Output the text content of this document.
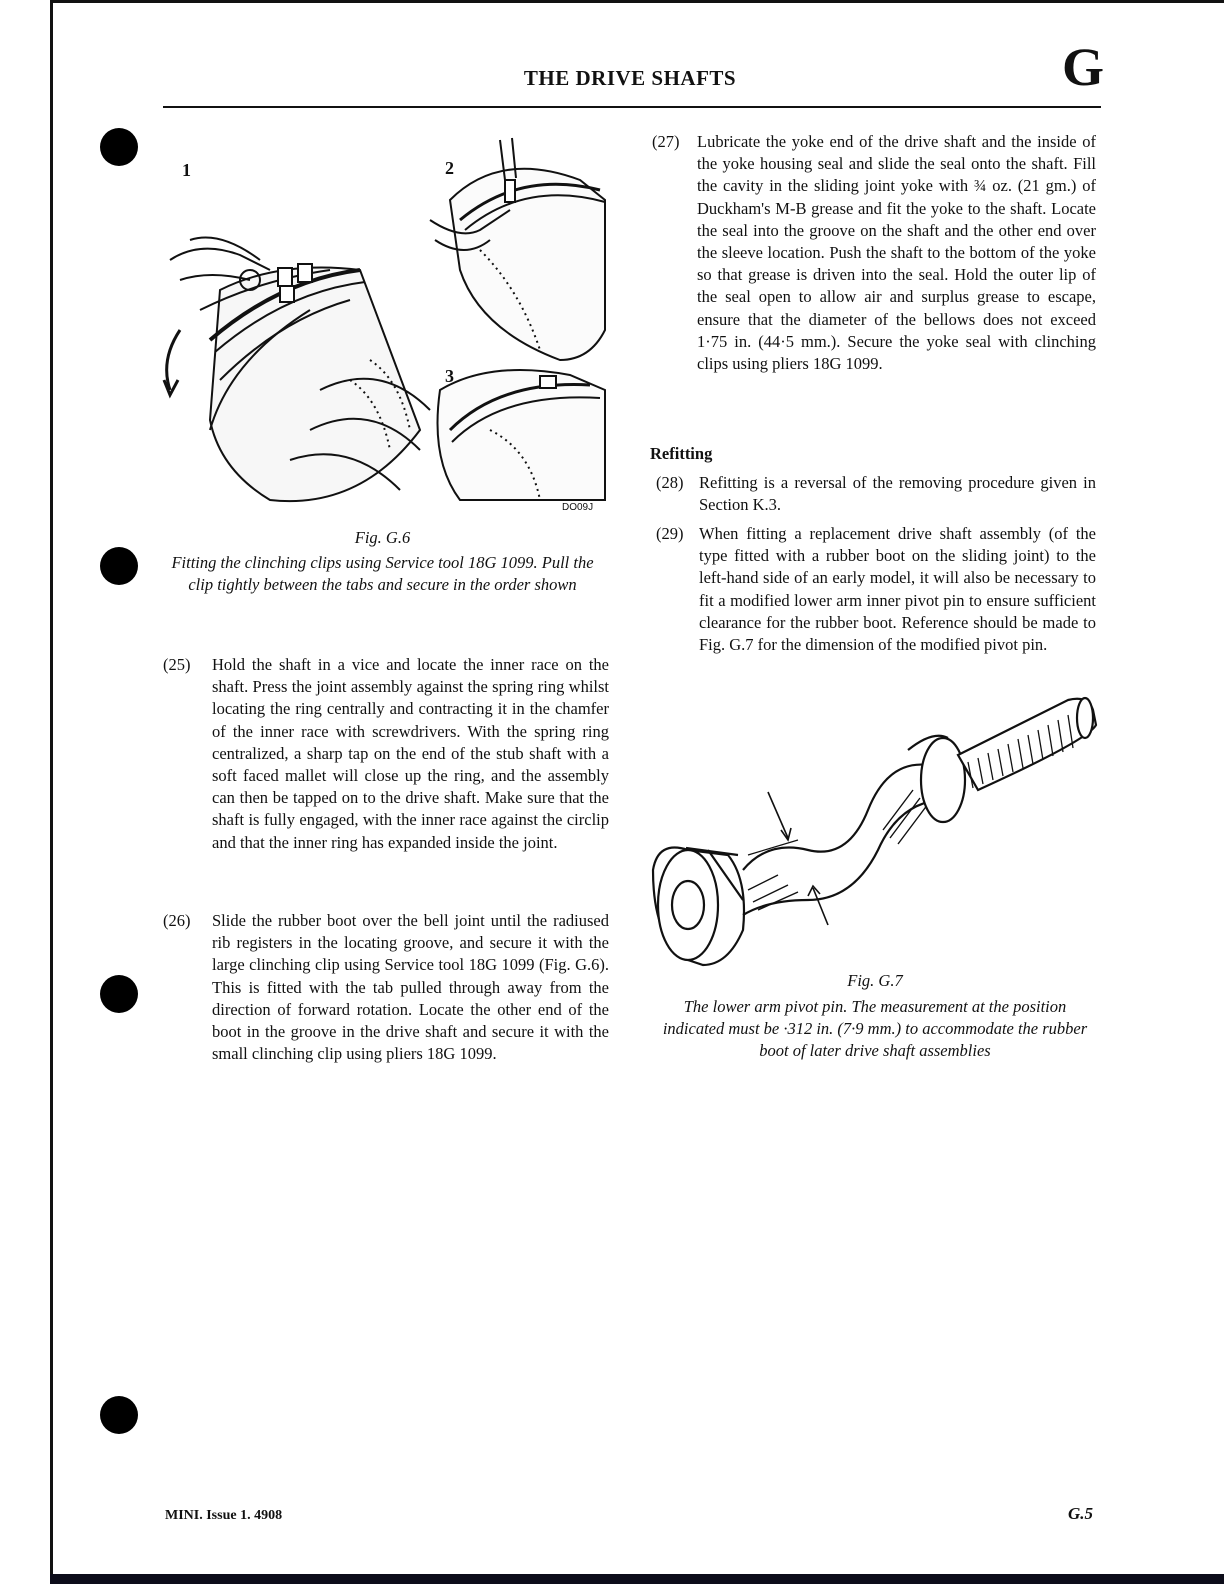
THE DRIVE SHAFTS	G
1	2
3
DO09J
Fig. G.6
Fitting the clinching clips using Service tool 18G 1099. Pull the clip tightly between the tabs and secure in the order shown
(25) Hold the shaft in a vice and locate the inner race on the shaft. Press the joint assembly against the spring ring whilst locating the ring centrally and contracting it in the chamfer of the inner race with screwdrivers. With the spring ring centralized, a sharp tap on the end of the stub shaft with a soft faced mallet will close up the ring, and the assembly can then be tapped on to the drive shaft. Make sure that the shaft is fully engaged, with the inner race against the circlip and that the inner ring has expanded inside the joint.
(26) Slide the rubber boot over the bell joint until the radiused rib registers in the locating groove, and secure it with the large clinching clip using Service tool 18G 1099 (Fig. G.6). This is fitted with the tab pulled through away from the direction of forward rotation. Locate the other end of the boot in the groove in the drive shaft and secure it with the small clinching clip using pliers 18G 1099.
(27) Lubricate the yoke end of the drive shaft and the inside of the yoke housing seal and slide the seal onto the shaft. Fill the cavity in the sliding joint yoke with ¾ oz. (21 gm.) of Duckham's M-B grease and fit the yoke to the shaft. Locate the seal into the groove on the shaft and the other end over the sleeve location. Push the shaft to the bottom of the yoke so that grease is driven into the seal. Hold the outer lip of the seal open to allow air and surplus grease to escape, ensure that the diameter of the bellows does not exceed 1·75 in. (44·5 mm.). Secure the yoke seal with clinching clips using pliers 18G 1099.
Refitting
(28) Refitting is a reversal of the removing procedure given in Section K.3.
(29) When fitting a replacement drive shaft assembly (of the type fitted with a rubber boot on the sliding joint) to the left-hand side of an early model, it will also be necessary to fit a modified lower arm inner pivot pin to ensure sufficient clearance for the rubber boot. Reference should be made to Fig. G.7 for the dimension of the modified pivot pin.
Fig. G.7
The lower arm pivot pin. The measurement at the position indicated must be ·312 in. (7·9 mm.) to accommodate the rubber boot of later drive shaft assemblies
MINI. Issue 1. 4908	G.5
